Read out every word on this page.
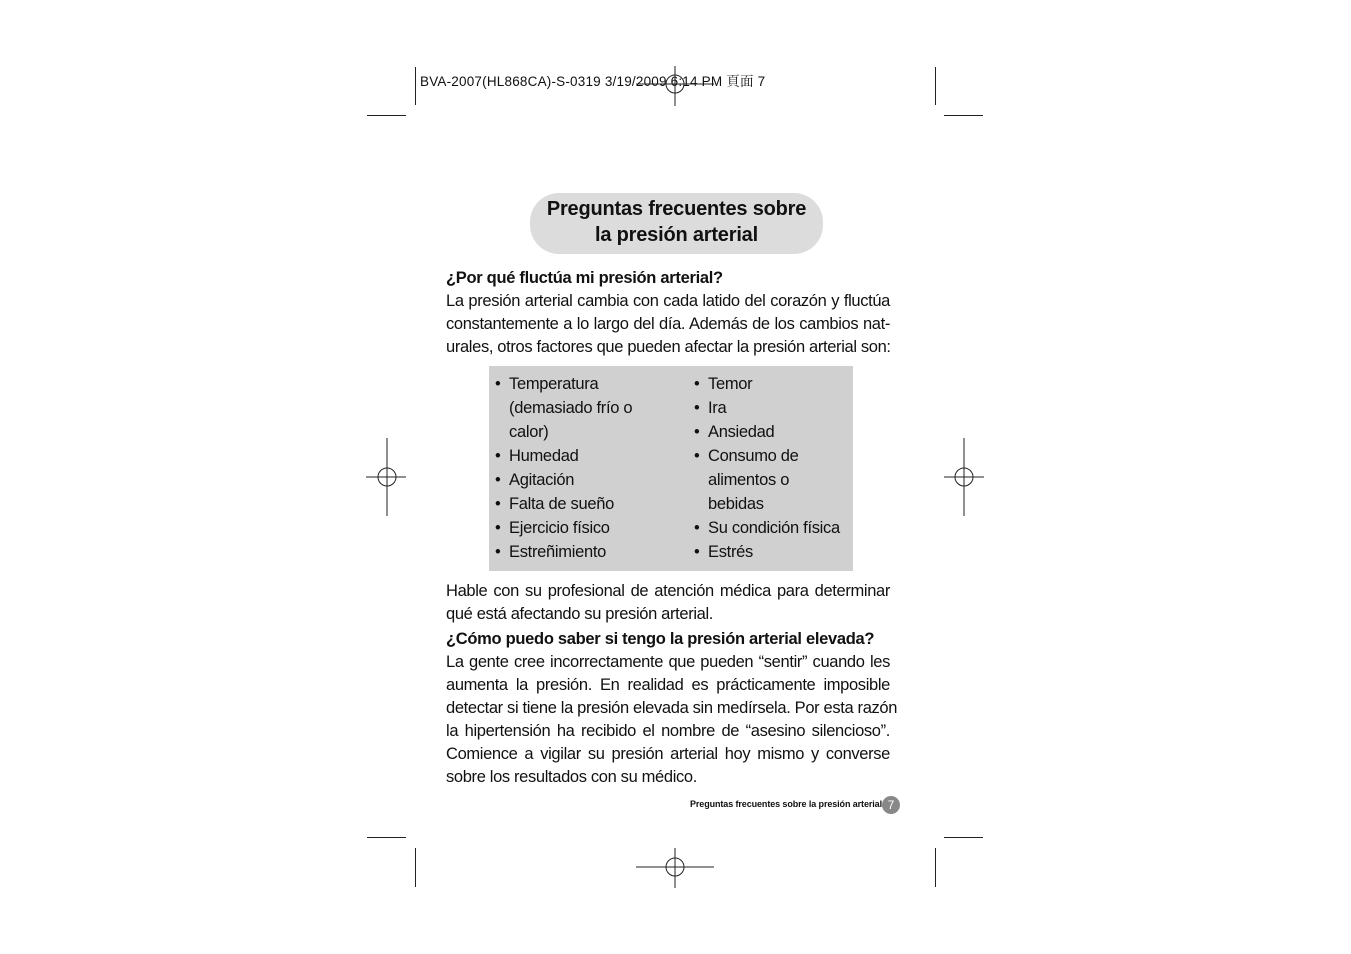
BVA-2007(HL868CA)-S-0319 3/19/2009 6:14 PM 頁面 7
Preguntas frecuentes sobre
la presión arterial
¿Por qué fluctúa mi presión arterial?
La presión arterial cambia con cada latido del corazón y fluctúa
constantemente a lo largo del día. Además de los cambios nat-
urales, otros factores que pueden afectar la presión arterial son:
• Temperatura
(demasiado frío o
calor)
• Humedad
• Agitación
• Falta de sueño
• Ejercicio físico
• Estreñimiento
• Temor
• Ira
• Ansiedad
• Consumo de
alimentos o
bebidas
• Su condición física
• Estrés
Hable con su profesional de atención médica para determinar
qué está afectando su presión arterial.
¿Cómo puedo saber si tengo la presión arterial elevada?
La gente cree incorrectamente que pueden “sentir” cuando les
aumenta la presión. En realidad es prácticamente imposible
detectar si tiene la presión elevada sin medírsela. Por esta razón
la hipertensión ha recibido el nombre de “asesino silencioso”.
Comience a vigilar su presión arterial hoy mismo y converse
sobre los resultados con su médico.
Preguntas frecuentes sobre la presión arterial 7
